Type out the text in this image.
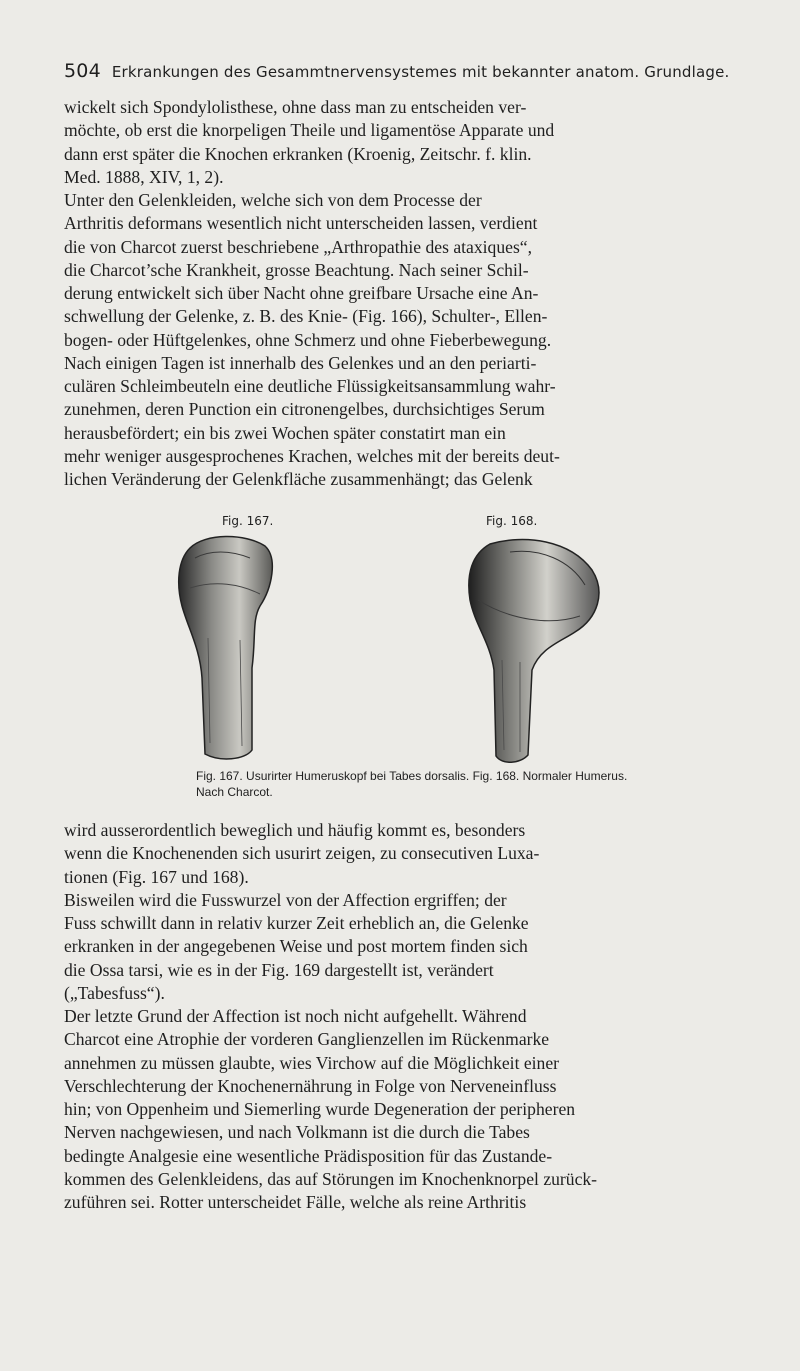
504 Erkrankungen des Gesammtnervensystemes mit bekannter anatom. Grundlage.
wickelt sich Spondylolisthese, ohne dass man zu entscheiden ver-
möchte, ob erst die knorpeligen Theile und ligamentöse Apparate und
dann erst später die Knochen erkranken (Kroenig, Zeitschr. f. klin.
Med. 1888, XIV, 1, 2).
Unter den Gelenkleiden, welche sich von dem Processe der
Arthritis deformans wesentlich nicht unterscheiden lassen, verdient
die von Charcot zuerst beschriebene „Arthropathie des ataxiques“,
die Charcot’sche Krankheit, grosse Beachtung. Nach seiner Schil-
derung entwickelt sich über Nacht ohne greifbare Ursache eine An-
schwellung der Gelenke, z. B. des Knie- (Fig. 166), Schulter-, Ellen-
bogen- oder Hüftgelenkes, ohne Schmerz und ohne Fieberbewegung.
Nach einigen Tagen ist innerhalb des Gelenkes und an den periarti-
culären Schleimbeuteln eine deutliche Flüssigkeitsansammlung wahr-
zunehmen, deren Punction ein citronengelbes, durchsichtiges Serum
herausbefördert; ein bis zwei Wochen später constatirt man ein
mehr weniger ausgesprochenes Krachen, welches mit der bereits deut-
lichen Veränderung der Gelenkfläche zusammenhängt; das Gelenk
Fig. 167.	Fig. 168.
Fig. 167. Usurirter Humeruskopf bei Tabes dorsalis. Fig. 168. Normaler Humerus.
Nach Charcot.
wird ausserordentlich beweglich und häufig kommt es, besonders
wenn die Knochenenden sich usurirt zeigen, zu consecutiven Luxa-
tionen (Fig. 167 und 168).
Bisweilen wird die Fusswurzel von der Affection ergriffen; der
Fuss schwillt dann in relativ kurzer Zeit erheblich an, die Gelenke
erkranken in der angegebenen Weise und post mortem finden sich
die Ossa tarsi, wie es in der Fig. 169 dargestellt ist, verändert
(„Tabesfuss“).
Der letzte Grund der Affection ist noch nicht aufgehellt. Während
Charcot eine Atrophie der vorderen Ganglienzellen im Rückenmarke
annehmen zu müssen glaubte, wies Virchow auf die Möglichkeit einer
Verschlechterung der Knochenernährung in Folge von Nerveneinfluss
hin; von Oppenheim und Siemerling wurde Degeneration der peripheren
Nerven nachgewiesen, und nach Volkmann ist die durch die Tabes
bedingte Analgesie eine wesentliche Prädisposition für das Zustande-
kommen des Gelenkleidens, das auf Störungen im Knochenknorpel zurück-
zuführen sei. Rotter unterscheidet Fälle, welche als reine Arthritis
